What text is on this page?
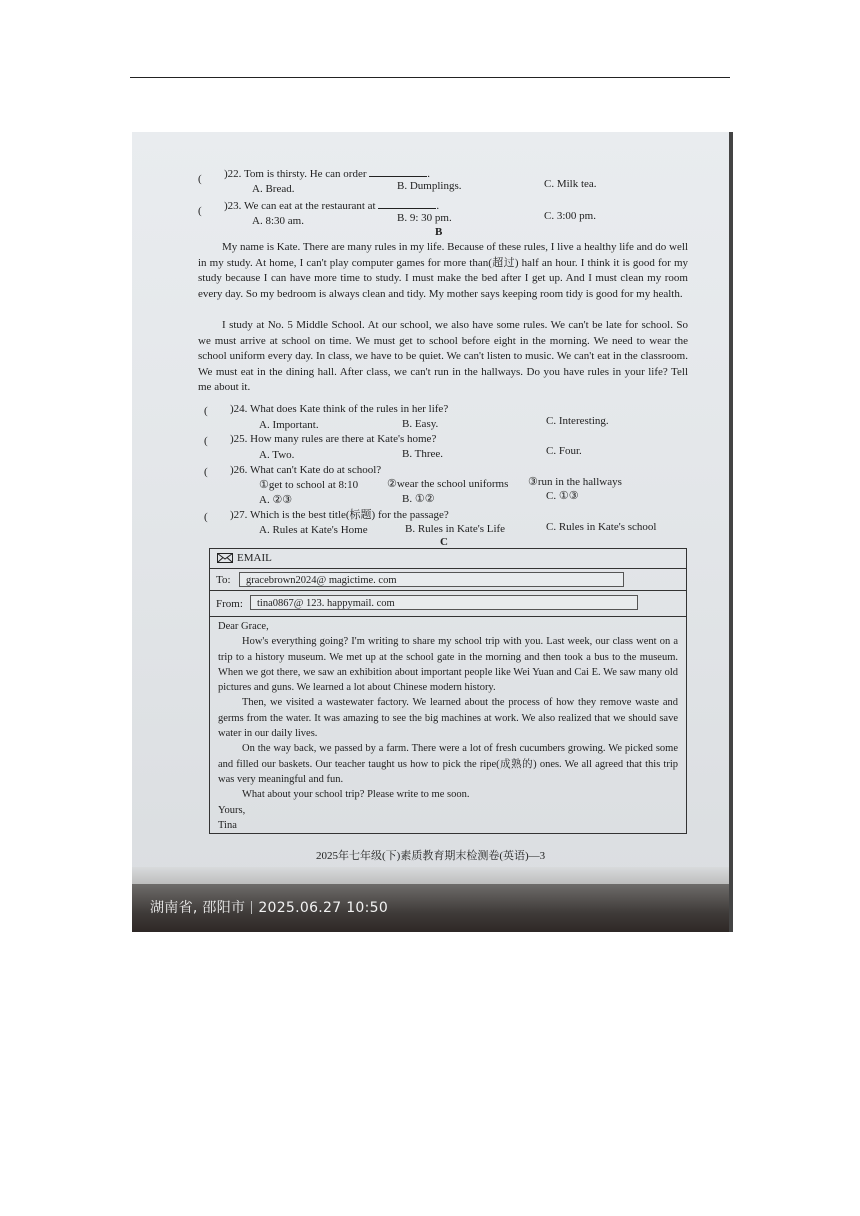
( )22. Tom is thirsty. He can order	.
A. Bread.	B. Dumplings.	C. Milk tea.
( )23. We can eat at the restaurant at	.
A. 8:30 am.	B. 9: 30 pm.	C. 3:00 pm.
B
My name is Kate. There are many rules in my life. Because of these rules, I live a healthy life and do well in my study. At home, I can't play computer games for more than(超过) half an hour. I think it is good for my study because I can have more time to study. I must make the bed after I get up. And I must clean my room every day. So my bedroom is always clean and tidy. My mother says keeping room tidy is good for my health.
I study at No. 5 Middle School. At our school, we also have some rules. We can't be late for school. So we must arrive at school on time. We must get to school before eight in the morning. We need to wear the school uniform every day. In class, we have to be quiet. We can't listen to music. We can't eat in the classroom. We must eat in the dining hall. After class, we can't run in the hallways. Do you have rules in your life? Tell me about it.
( )24. What does Kate think of the rules in her life?
A. Important.	B. Easy.	C. Interesting.
( )25. How many rules are there at Kate's home?
A. Two.	B. Three.	C. Four.
( )26. What can't Kate do at school?
①get to school at 8:10	②wear the school uniforms ③run in the hallways
A. ②③	B. ①②	C. ①③
( )27. Which is the best title(标题) for the passage?
A. Rules at Kate's Home	B. Rules in Kate's Life	C. Rules in Kate's school
C
EMAIL
To:	gracebrown2024@ magictime. com
From:	tina0867@ 123. happymail. com

Dear Grace,

How's everything going? I'm writing to share my school trip with you. Last week, our class went on a trip to a history museum. We met up at the school gate in the morning and then took a bus to the museum. When we got there, we saw an exhibition about important people like Wei Yuan and Cai E. We saw many old pictures and guns. We learned a lot about Chinese modern history.

Then, we visited a wastewater factory. We learned about the process of how they remove waste and germs from the water. It was amazing to see the big machines at work. We also realized that we should save water in our daily lives.

On the way back, we passed by a farm. There were a lot of fresh cucumbers growing. We picked some and filled our baskets. Our teacher taught us how to pick the ripe(成熟的) ones. We all agreed that this trip was very meaningful and fun.

What about your school trip? Please write to me soon.

Yours,

Tina

2025年七年级(下)素质教育期末检测卷(英语)—3
湖南省, 邵阳市 2025.06.27 10:50
